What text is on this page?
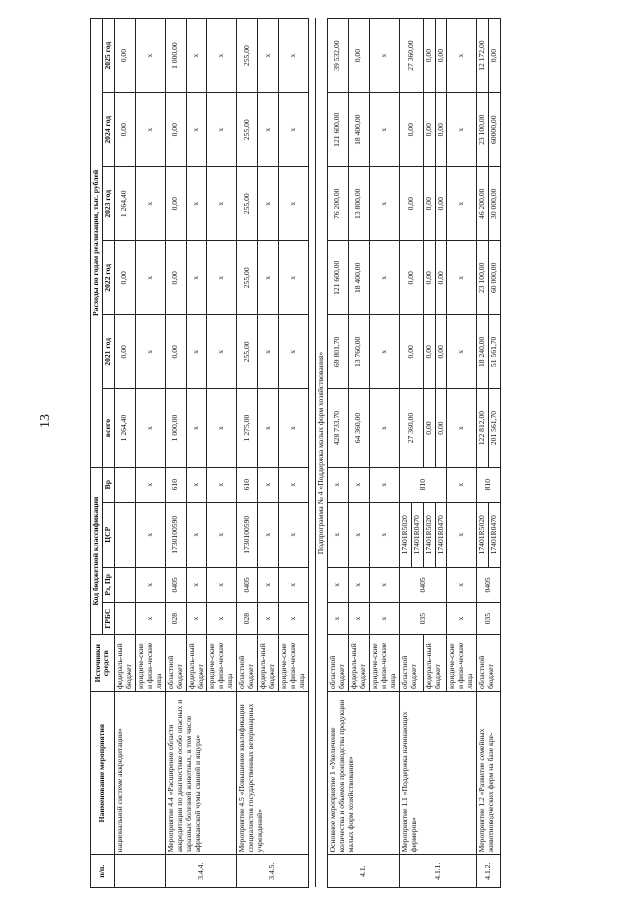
13
п/п.	Наименование мероприятия	Источники средств	Код бюджетной классификации				Расходы по годам реализации, тыс. рублей					
			ГРБС	Рз, Пр	ЦСР	Вр	всего	2021 год	2022 год	2023 год	2024 год	2025 год
	национальной системе аккредитации»	федераль-ный бюджет					1 264,40	0,00	0,00	1 264,40	0,00	0,00
		юридиче-ские и физи-ческие лица	х	х	х	х	х	х	х	х	х	х
3.4.4.	Мероприятие 4.4 «Расширение области аккредитации по диагностике особо опасных и заразных болезней животных, в том числе африканской чумы свиней и ящура»	областной бюджет	028	0405	1730100590	610	1 000,00	0,00	0,00	0,00	0,00	1 000,00
		федераль-ный бюджет	х	х	х	х	х	х	х	х	х	х
		юридиче-ские и физи-ческие лица	х	х	х	х	х	х	х	х	х	х
3.4.5.	Мероприятие 4.5 «Повышение квалификации специалистов государственных ветеринарных учреждений»	областной бюджет	028	0405	1730100590	610	1 275,00	255,00	255,00	255,00	255,00	255,00
		федераль-ный бюджет	х	х	х	х	х	х	х	х	х	х
		юридиче-ские и физи-ческие лица	х	х	х	х	х	х	х	х	х	х

Подпрограмма № 4 «Поддержка малых форм хозяйствования»												
4.1.	Основное мероприятие 1 «Увеличение количества и объемов производства продукции малых форм хозяйствования»	областной бюджет	х	х	х	х	428 733,70	69 801,70	121 600,00	76 200,00	121 600,00	39 532,00
		федераль-ный бюджет	х	х	х	х	64 360,00	13 760,00	18 400,00	13 800,00	18 400,00	0,00
		юридиче-ские и физи-ческие лица	х	х	х	х	х	х	х	х	х	х
4.1.1.	Мероприятие 1.1 «Поддержка начинающих фермеров»	областной бюджет	035	0405	17401R5020	810	27 360,00	0,00	0,00	0,00	0,00	27 360,00
					17401R0470							
		федераль-ный бюджет			17401R5020		0,00	0,00	0,00	0,00	0,00	0,00
					17401R0470		0,00	0,00	0,00	0,00	0,00	0,00
		юридиче-ские и физи-ческие лица	х	х	х	х	х	х	х	х	х	х
4.1.2.	Мероприятие 1.2 «Развитие семейных животноводческих ферм на базе кре-	областной бюджет	035	0405	17401R5020	810	122 812,00	18 240,00	23 100,00	46 200,00	23 100,00	12 172,00
					17401R0470		201 561,70	51 561,70	60 000,00	30 000,00	60000,00	0,00
